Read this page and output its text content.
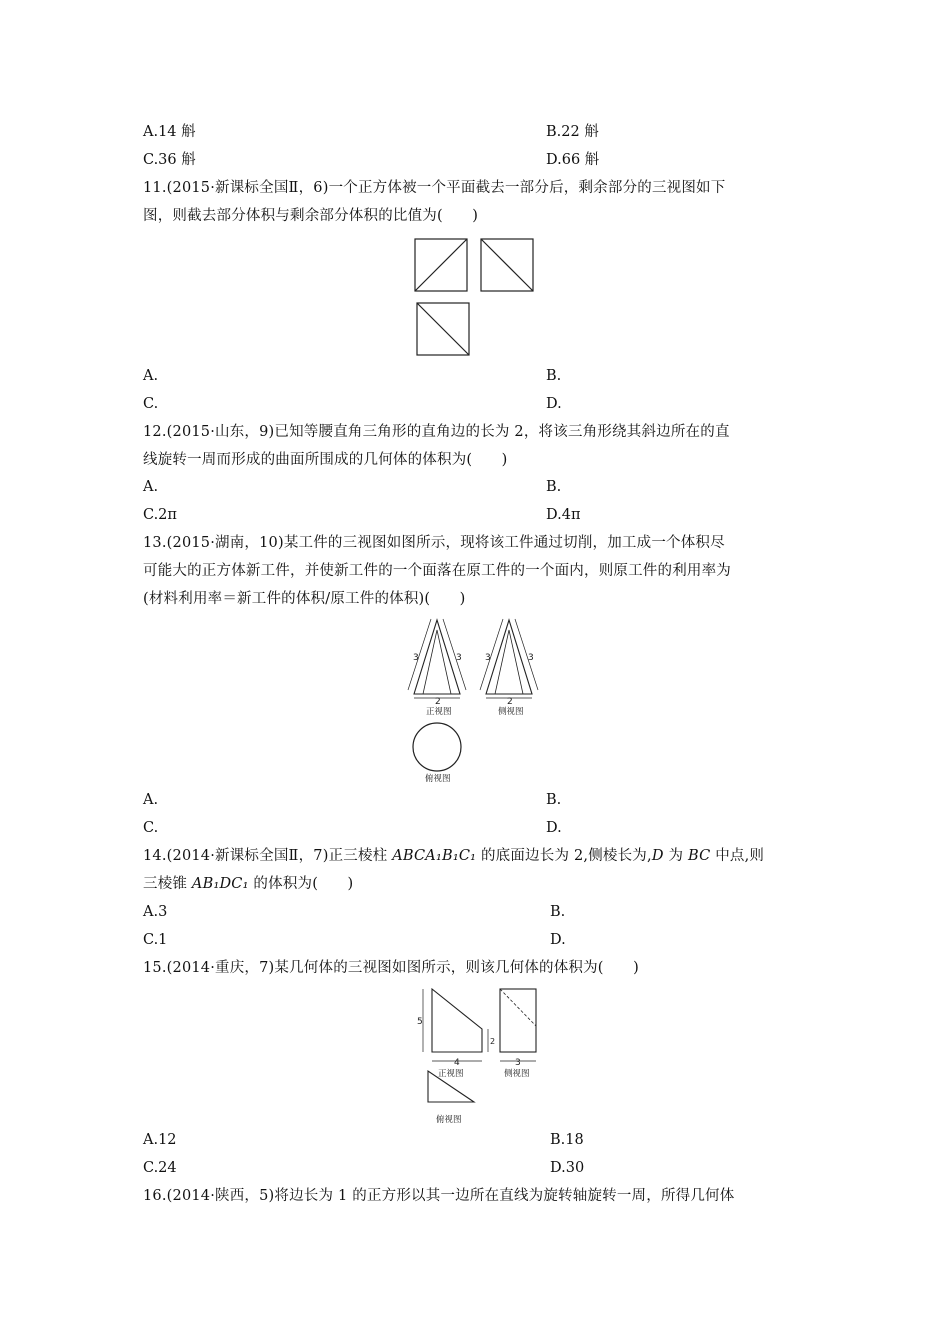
A.14 斛	B.22 斛
C.36 斛	D.66 斛
11.(2015·新课标全国Ⅱ，6)一个正方体被一个平面截去一部分后，剩余部分的三视图如下
图，则截去部分体积与剩余部分体积的比值为(　　)
A.	B.
C.	D.
12.(2015·山东，9)已知等腰直角三角形的直角边的长为 2，将该三角形绕其斜边所在的直
线旋转一周而形成的曲面所围成的几何体的体积为(　　)
A.	B.
C.2π	D.4π
13.(2015·湖南，10)某工件的三视图如图所示，现将该工件通过切削，加工成一个体积尽
可能大的正方体新工件，并使新工件的一个面落在原工件的一个面内，则原工件的利用率为
(材料利用率＝新工件的体积/原工件的体积)(　　)
3	3
2
3	3
2
正视图	侧视图
俯视图
A.	B.
C.	D.
14.(2014·新课标全国Ⅱ，7)正三棱柱 ABCA₁B₁C₁ 的底面边长为 2,侧棱长为,D 为 BC 中点,则
三棱锥 AB₁DC₁ 的体积为(　　)
A.3	B.
C.1	D.
15.(2014·重庆，7)某几何体的三视图如图所示，则该几何体的体积为(　　)
5
4
2
3
正视图	侧视图
俯视图
A.12	B.18
C.24	D.30
16.(2014·陕西，5)将边长为 1 的正方形以其一边所在直线为旋转轴旋转一周，所得几何体
